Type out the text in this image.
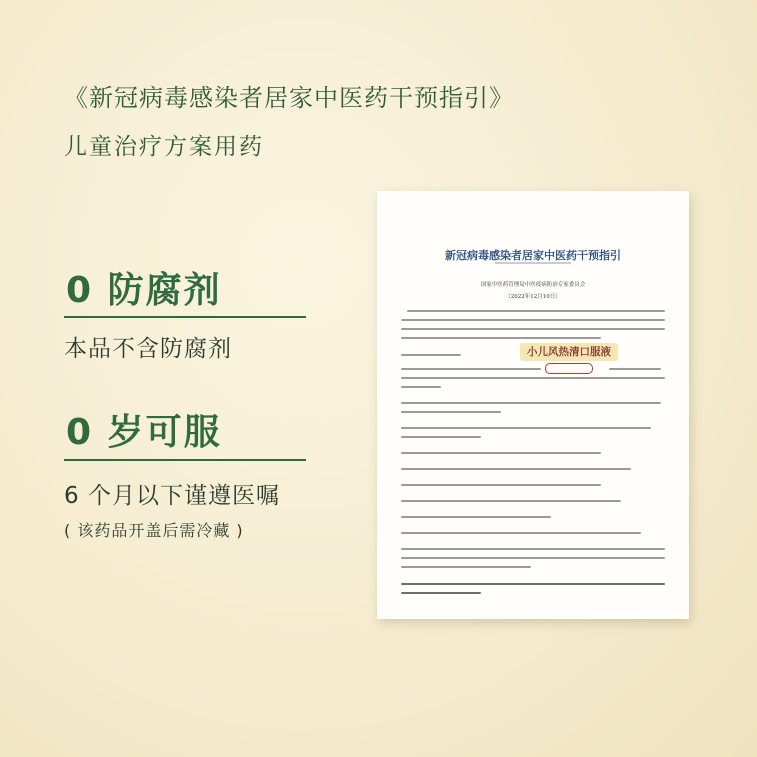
《新冠病毒感染者居家中医药干预指引》
儿童治疗方案用药
0 防腐剂
本品不含防腐剂
0 岁可服
6 个月以下谨遵医嘱
( 该药品开盖后需冷藏 )
新冠病毒感染者居家中医药干预指引
国家中医药管理局中医疫病防治专家委员会
（2022年12月10日）
小儿风热清口服液
